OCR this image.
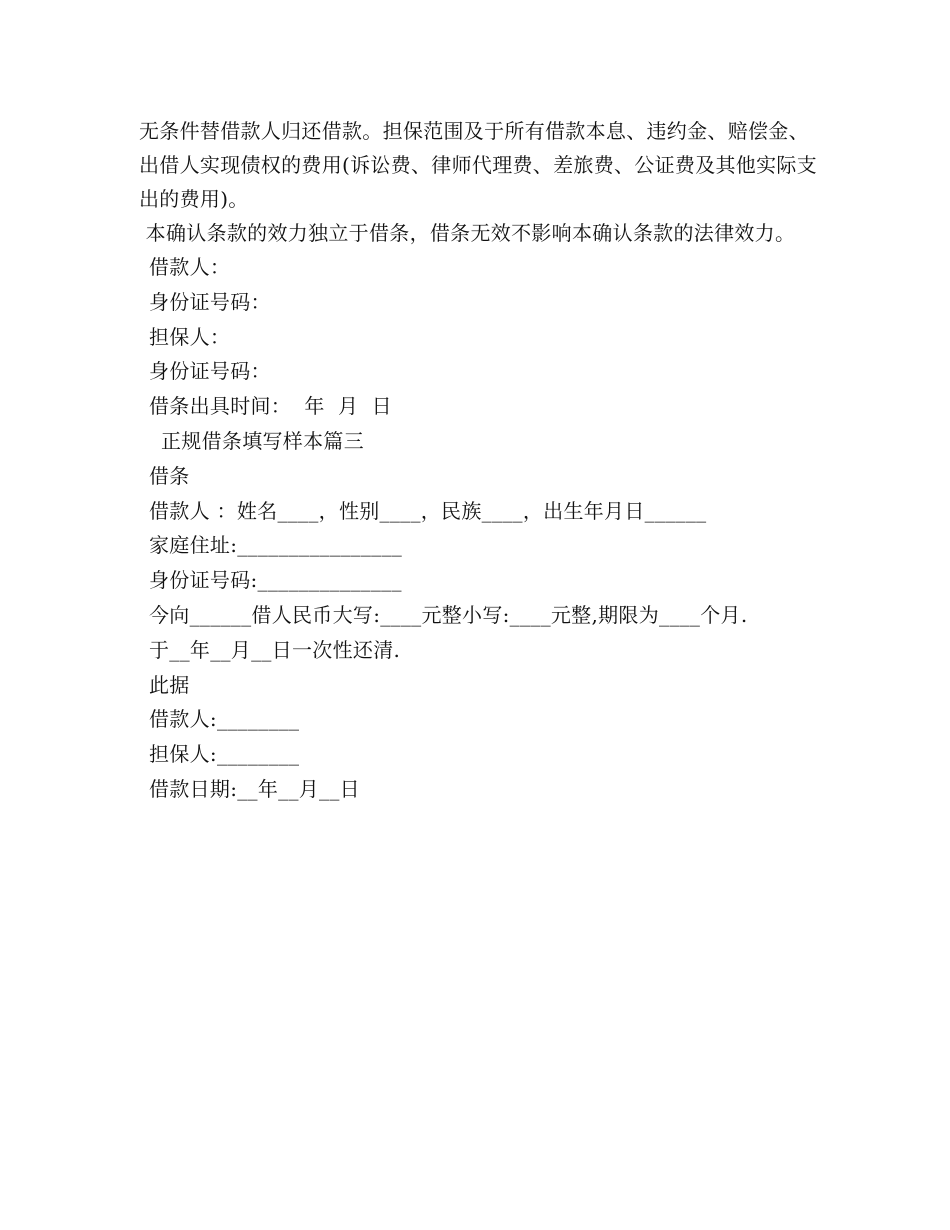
无条件替借款人归还借款。担保范围及于所有借款本息、违约金、赔偿金、出借人实现债权的费用(诉讼费、律师代理费、差旅费、公证费及其他实际支出的费用)。

本确认条款的效力独立于借条，借条无效不影响本确认条款的法律效力。

借款人：

身份证号码：

担保人：

身份证号码：

借条出具时间：  年  月  日

正规借条填写样本篇三

借条

借款人 ：姓名____，性别____，民族____，出生年月日______

家庭住址:________________

身份证号码:______________

今向______借人民币大写:____元整小写:____元整,期限为____个月.

于__年__月__日一次性还清.

此据

借款人:________

担保人:________

借款日期:__年__月__日
